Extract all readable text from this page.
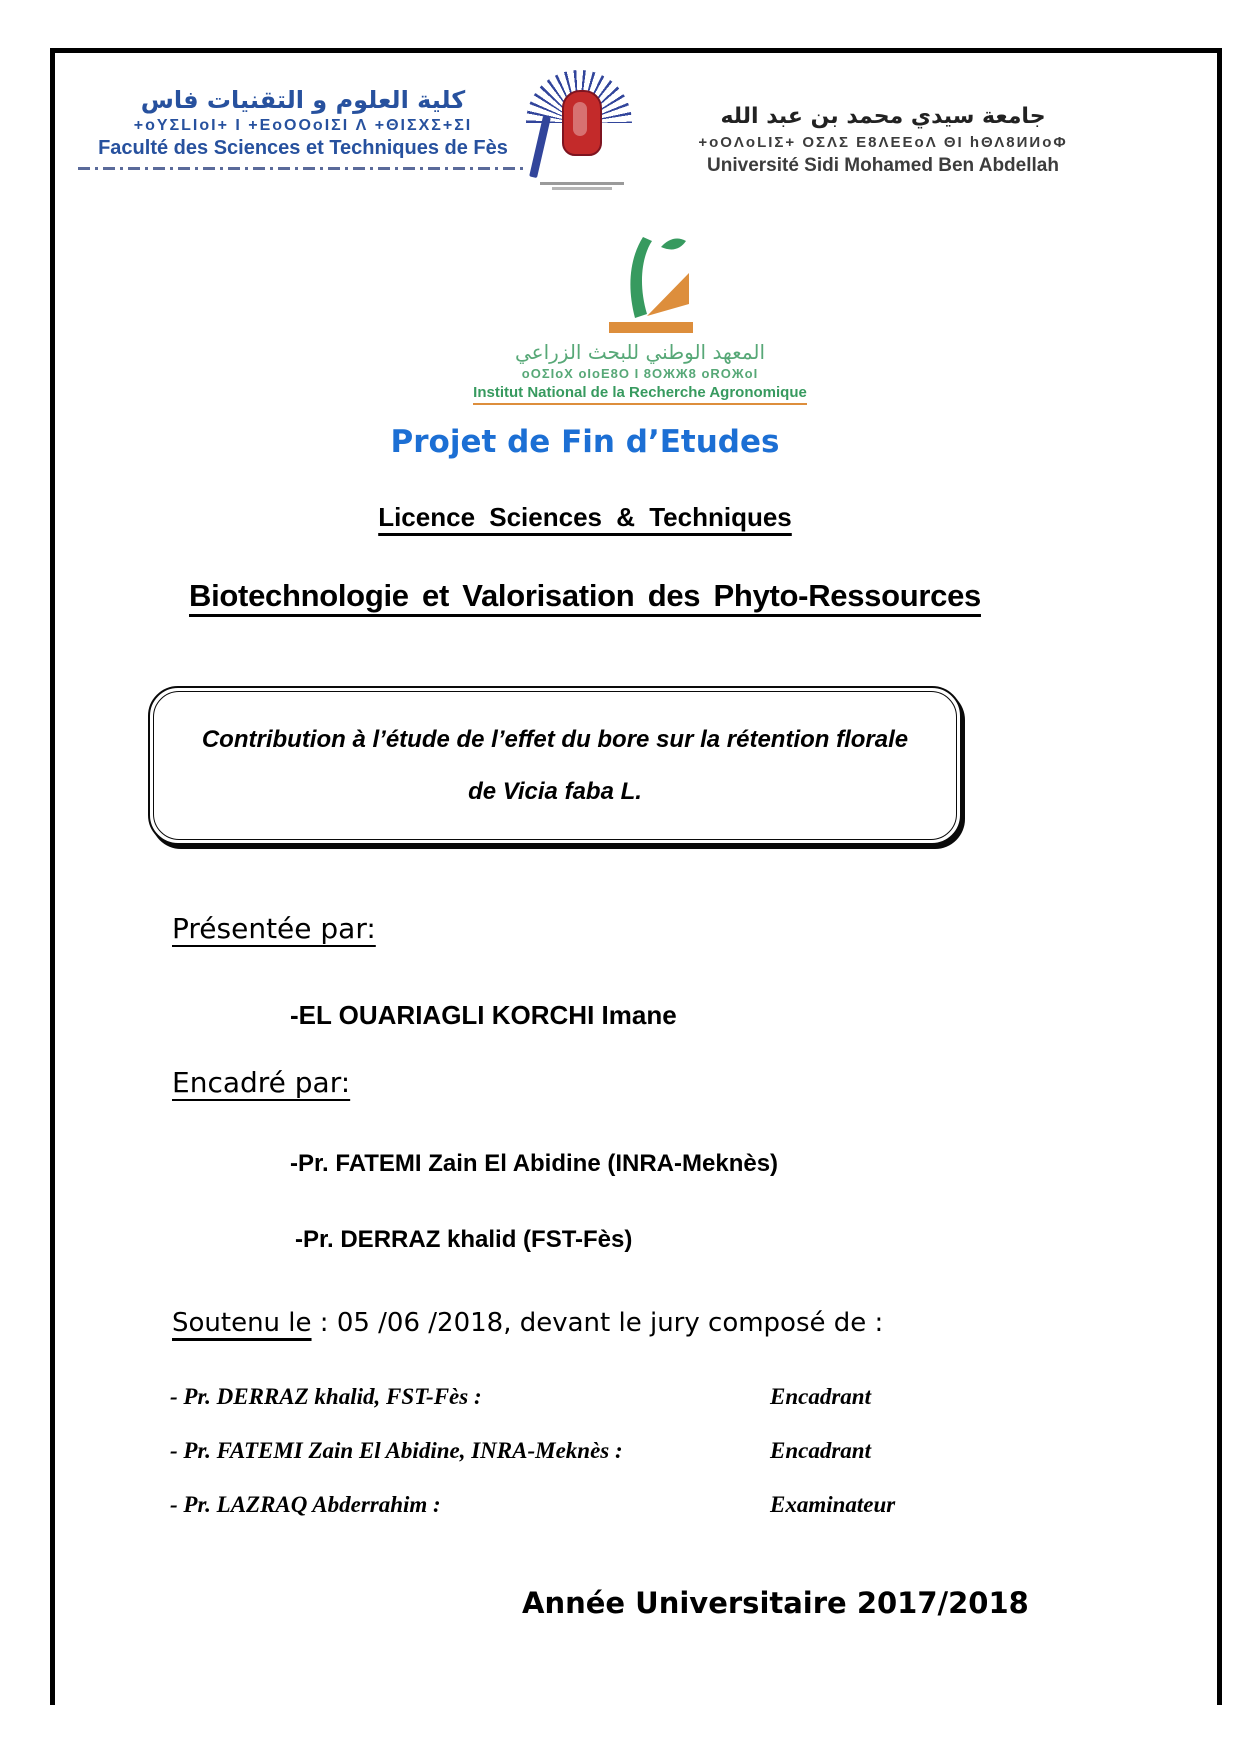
كلية العلوم و التقنيات فاس
+oYΣLIoI+ I +EoOOoIΣI Λ +ΘIΣXΣ+ΣI
Faculté des Sciences et Techniques de Fès
جامعة سيدي محمد بن عبد الله
+oOΛoLIΣ+ OΣΛΣ E8ΛEEoΛ ΘI hΘΛ8ИИoΦ
Université Sidi Mohamed Ben Abdellah
المعهد الوطني للبحث الزراعي
oOΣIoX oIoE8O I 8OЖЖ8 oROЖoI
Institut National de la Recherche Agronomique
Projet de Fin d’Etudes
Licence Sciences & Techniques
Biotechnologie et Valorisation des Phyto-Ressources
Contribution à l’étude de l’effet du bore sur la rétention florale
de Vicia faba L.
Présentée par:
-EL OUARIAGLI KORCHI Imane
Encadré par:
-Pr. FATEMI Zain El Abidine (INRA-Meknès)
-Pr. DERRAZ khalid (FST-Fès)
Soutenu le : 05 /06 /2018, devant le jury composé de :
- Pr. DERRAZ khalid, FST-Fès :	Encadrant
- Pr. FATEMI Zain El Abidine, INRA-Meknès :	Encadrant
- Pr. LAZRAQ Abderrahim :	Examinateur
Année Universitaire 2017/2018
